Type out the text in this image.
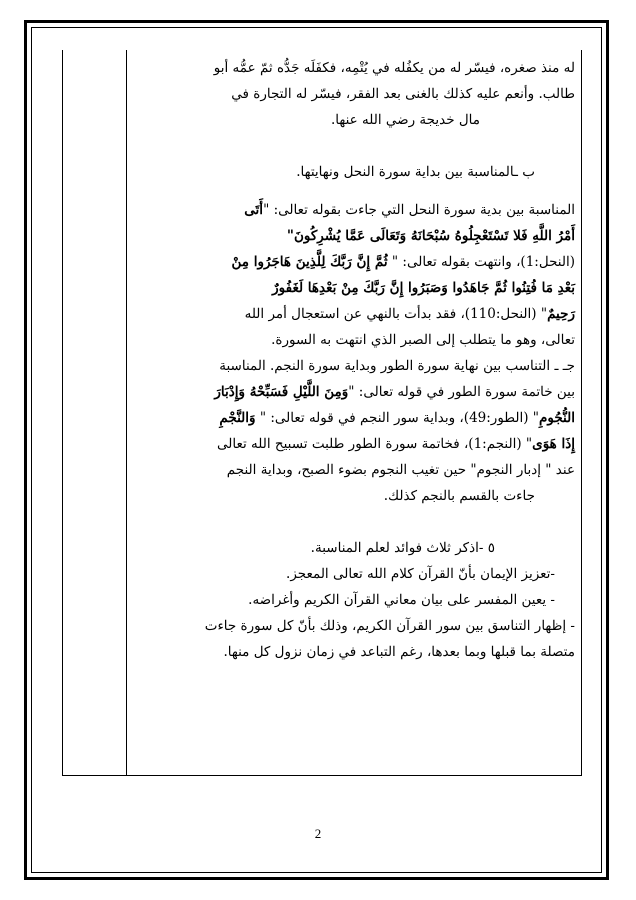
له منذ صغره، فيسّر له من يكفُله في يُتْمِه، فكفَلَه جَدُّه ثمّ عمُّه أبو
طالب. وأنعم عليه كذلك بالغنى بعد الفقر، فيسّر له التجارة في
مال خديجة رضي الله عنها.
ب ـالمناسبة بين بداية سورة النحل ونهايتها.
المناسبة بين بدية سورة النحل التي جاءت بقوله تعالى: "أَتَى
أَمْرُ اللَّهِ فَلا تَسْتَعْجِلُوهُ سُبْحَانَهُ وَتَعَالَى عَمَّا يُشْرِكُونَ"
(النحل:1)، وانتهت بقوله تعالى: " ثُمَّ إِنَّ رَبَّكَ لِلَّذِينَ هَاجَرُوا مِنْ
بَعْدِ مَا فُتِنُوا ثُمَّ جَاهَدُوا وَصَبَرُوا إِنَّ رَبَّكَ مِنْ بَعْدِهَا لَغَفُورٌ
رَحِيمٌ" (النحل:110)، فقد بدأت بالنهي عن استعجال أمر الله
تعالى، وهو ما يتطلب إلى الصبر الذي انتهت به السورة.
جـ ـ التناسب بين نهاية سورة الطور وبداية سورة النجم. المناسبة
بين خاتمة سورة الطور في قوله تعالى: "وَمِنَ اللَّيْلِ فَسَبِّحْهُ وَإِدْبَارَ
النُّجُومِ" (الطور:49)، وبداية سور النجم في قوله تعالى: " وَالنَّجْمِ
إِذَا هَوَى" (النجم:1)، فخاتمة سورة الطور طلبت تسبيح الله تعالى
عند " إدبار النجوم" حين تغيب النجوم بضوء الصبح، وبداية النجم
جاءت بالقسم بالنجم كذلك.
٥ -اذكر ثلاث فوائد لعلم المناسبة.
-تعزيز الإيمان بأنّ القرآن كلام الله تعالى المعجز.
- يعين المفسر على بيان معاني القرآن الكريم وأغراضه.
- إظهار التناسق بين سور القرآن الكريم، وذلك بأنّ كل سورة جاءت
متصلة بما قبلها وبما بعدها، رغم التباعد في زمان نزول كل منها.
2
